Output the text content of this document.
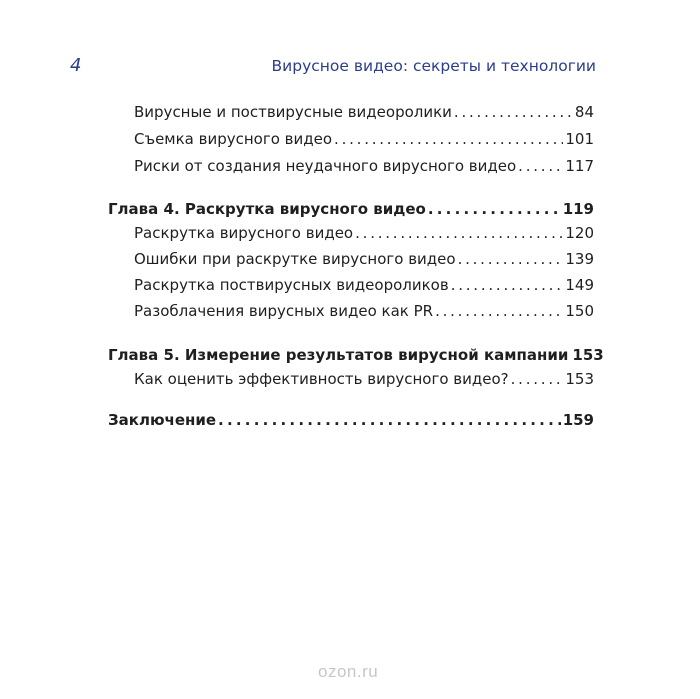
4	Вирусное видео: секреты и технологии
Вирусные и поствирусные видеоролики . . .	84
Съемка вирусного видео . . .	101
Риски от создания неудачного вирусного видео . . .	117
Глава 4. Раскрутка вирусного видео . . .	119
Раскрутка вирусного видео . . .	120
Ошибки при раскрутке вирусного видео . . .	139
Раскрутка поствирусных видеороликов . . .	149
Разоблачения вирусных видео как PR . . .	150
Глава 5. Измерение результатов вирусной кампании 153
Как оценить эффективность вирусного видео? . . .	153
Заключение . . .	159
ozon.ru
